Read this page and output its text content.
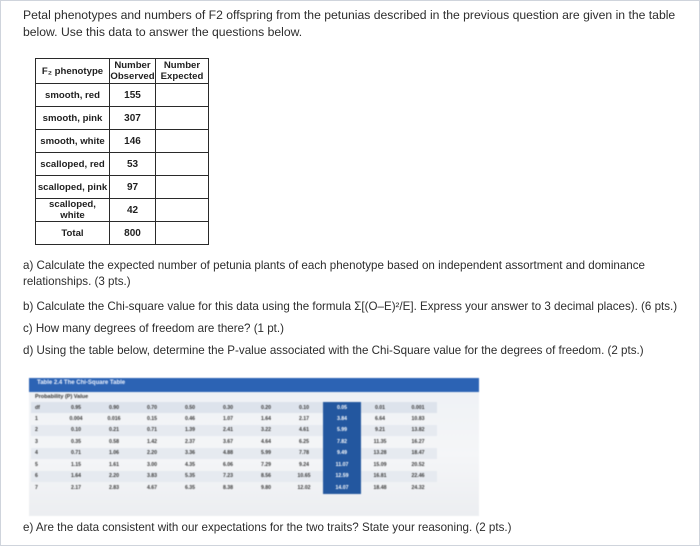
Petal phenotypes and numbers of F2 offspring from the petunias described in the previous question are given in the table below. Use this data to answer the questions below.

F₂ phenotype	Number Observed	Number Expected
smooth, red	155	
smooth, pink	307	
smooth, white	146	
scalloped, red	53	
scalloped, pink	97	
scalloped, white	42	
Total	800	

a) Calculate the expected number of petunia plants of each phenotype based on independent assortment and dominance relationships. (3 pts.)

b) Calculate the Chi-square value for this data using the formula Σ[(O–E)²/E]. Express your answer to 3 decimal places). (6 pts.)

c) How many degrees of freedom are there? (1 pt.)

d) Using the table below, determine the P-value associated with the Chi-Square value for the degrees of freedom. (2 pts.)

e) Are the data consistent with our expectations for the two traits? State your reasoning. (2 pts.)

Table 2.4 The Chi-Square Table
Probability (P) Value
df	0.95	0.90	0.70	0.50	0.30	0.20	0.10	0.05	0.01	0.001
1	0.004	0.016	0.15	0.46	1.07	1.64	2.17	3.84	6.64	10.83
2	0.10	0.21	0.71	1.39	2.41	3.22	4.61	5.99	9.21	13.82
3	0.35	0.58	1.42	2.37	3.67	4.64	6.25	7.82	11.35	16.27
4	0.71	1.06	2.20	3.36	4.88	5.99	7.78	9.49	13.28	18.47
5	1.15	1.61	3.00	4.35	6.06	7.29	9.24	11.07	15.09	20.52
6	1.64	2.20	3.83	5.35	7.23	8.56	10.65	12.59	16.81	22.46
7	2.17	2.83	4.67	6.35	8.38	9.80	12.02	14.07	18.48	24.32
